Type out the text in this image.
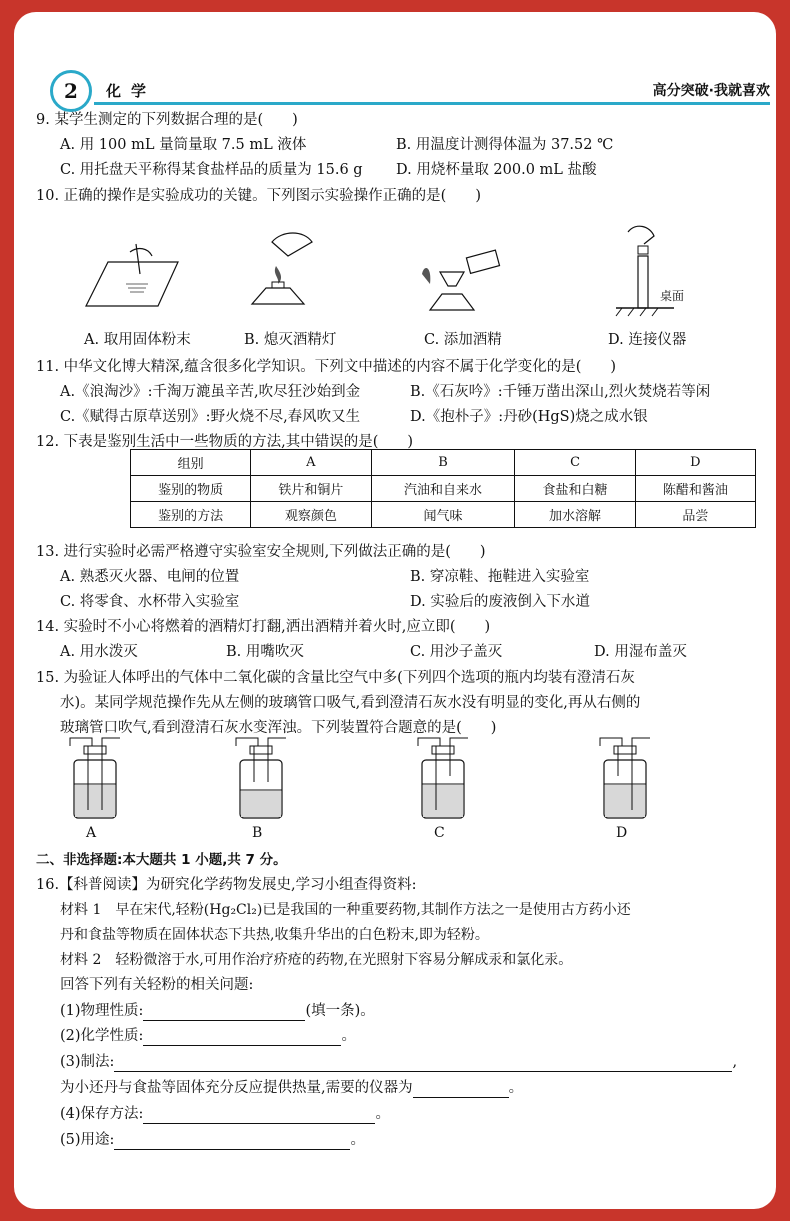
2	化学	高分突破·我就喜欢
9. 某学生测定的下列数据合理的是(　　)
A. 用 100 mL 量筒量取 7.5 mL 液体	B. 用温度计测得体温为 37.52 ℃
C. 用托盘天平称得某食盐样品的质量为 15.6 g D. 用烧杯量取 200.0 mL 盐酸
10. 正确的操作是实验成功的关键。下列图示实验操作正确的是(　　)
桌面
A. 取用固体粉末	B. 熄灭酒精灯	C. 添加酒精	D. 连接仪器
11. 中华文化博大精深,蕴含很多化学知识。下列文中描述的内容不属于化学变化的是(　　)
A.《浪淘沙》:千淘万漉虽辛苦,吹尽狂沙始到金	B.《石灰吟》:千锤万凿出深山,烈火焚烧若等闲
C.《赋得古原草送别》:野火烧不尽,春风吹又生	D.《抱朴子》:丹砂(HgS)烧之成水银
12. 下表是鉴别生活中一些物质的方法,其中错误的是(　　)
组别	A	B	C	D
鉴别的物质	铁片和铜片	汽油和自来水	食盐和白糖	陈醋和酱油
鉴别的方法	观察颜色	闻气味	加水溶解	品尝
13. 进行实验时必需严格遵守实验室安全规则,下列做法正确的是(　　)
A. 熟悉灭火器、电闸的位置	B. 穿凉鞋、拖鞋进入实验室
C. 将零食、水杯带入实验室	D. 实验后的废液倒入下水道
14. 实验时不小心将燃着的酒精灯打翻,洒出酒精并着火时,应立即(　　)
A. 用水泼灭	B. 用嘴吹灭	C. 用沙子盖灭	D. 用湿布盖灭
15. 为验证人体呼出的气体中二氧化碳的含量比空气中多(下列四个选项的瓶内均装有澄清石灰
水)。某同学规范操作先从左侧的玻璃管口吸气,看到澄清石灰水没有明显的变化,再从右侧的
玻璃管口吹气,看到澄清石灰水变浑浊。下列装置符合题意的是(　　)
A	B	C	D
二、非选择题:本大题共 1 小题,共 7 分。
16.【科普阅读】为研究化学药物发展史,学习小组查得资料:
材料 1　早在宋代,轻粉(Hg₂Cl₂)已是我国的一种重要药物,其制作方法之一是使用古方药小还
丹和食盐等物质在固体状态下共热,收集升华出的白色粉末,即为轻粉。
材料 2　轻粉微溶于水,可用作治疗疥疮的药物,在光照射下容易分解成汞和氯化汞。
回答下列有关轻粉的相关问题:
(1)物理性质:	(填一条)。
(2)化学性质:	。
(3)制法:	,
为小还丹与食盐等固体充分反应提供热量,需要的仪器为	。
(4)保存方法:	。
(5)用途:	。
